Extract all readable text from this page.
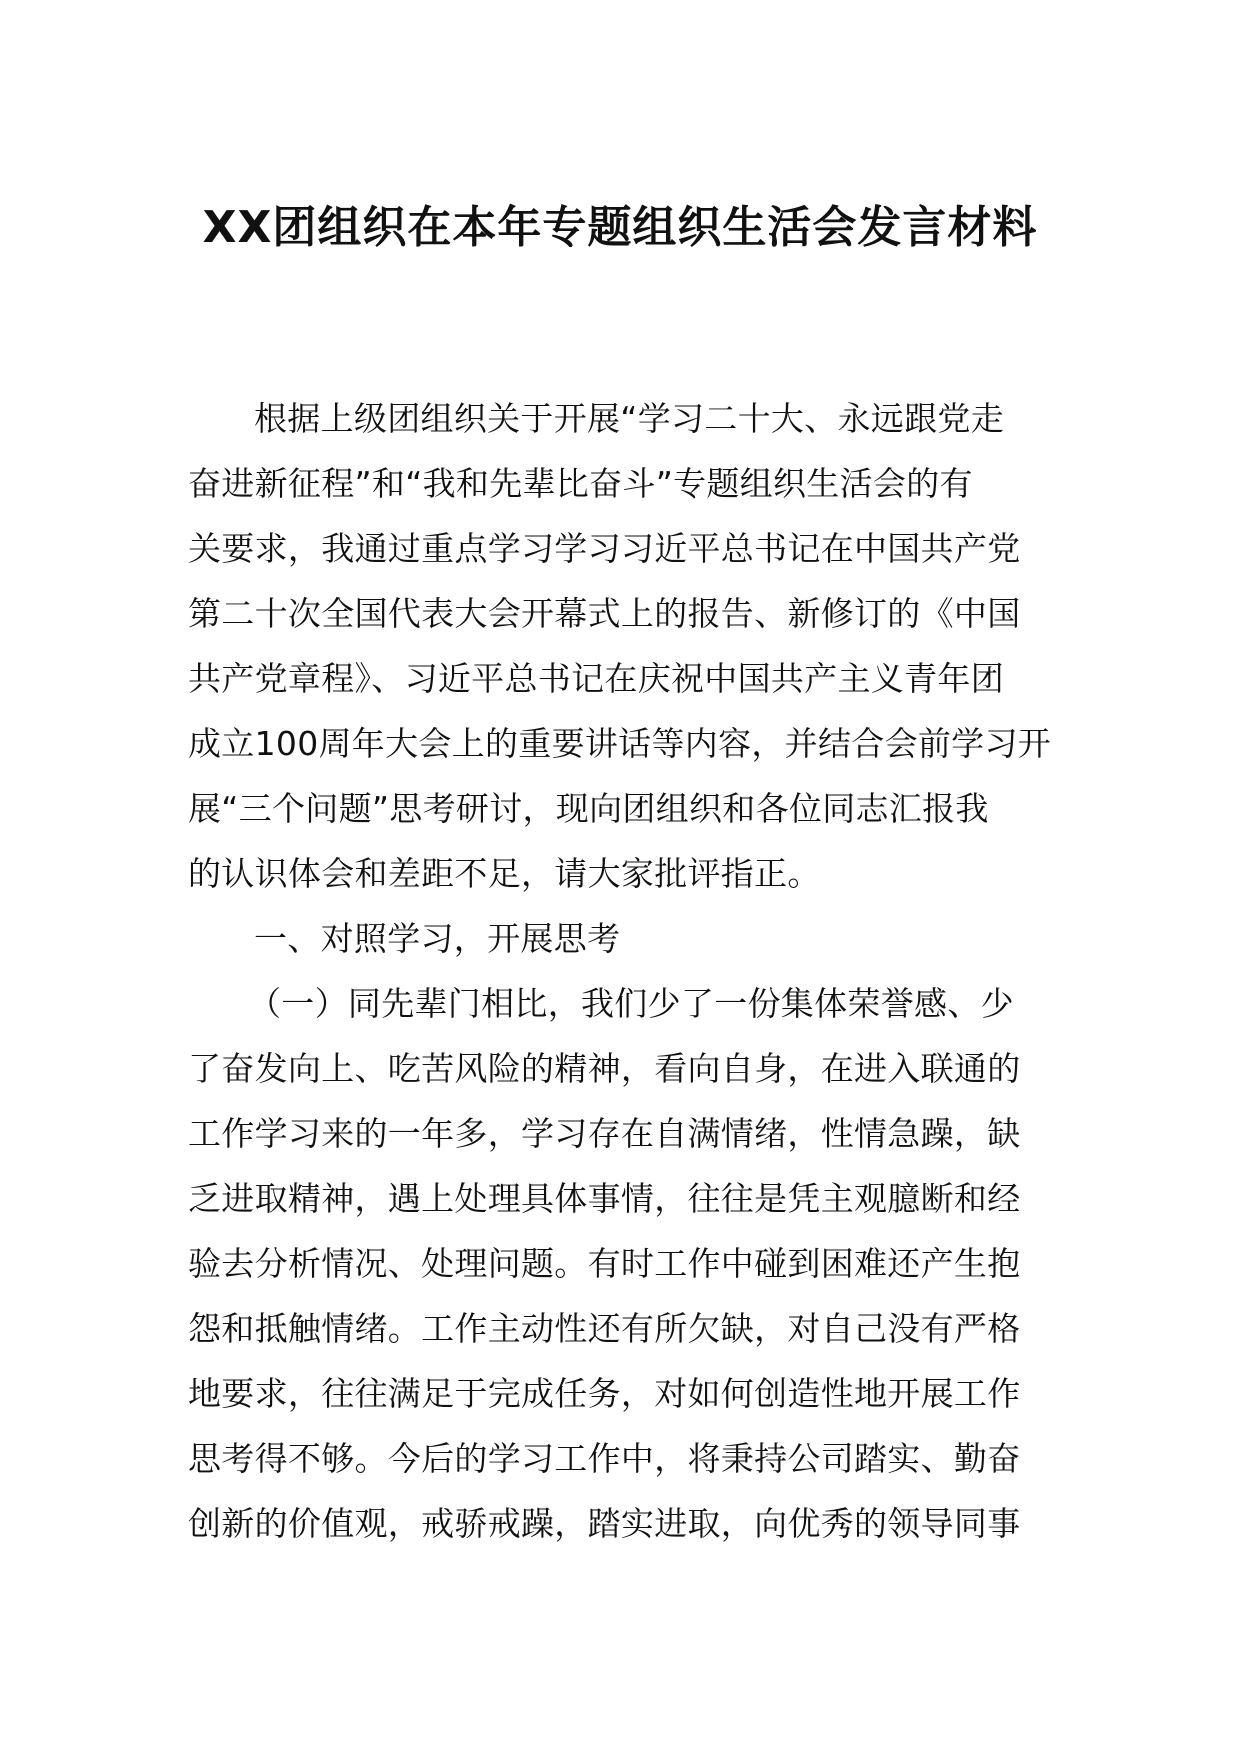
XX团组织在本年专题组织生活会发言材料
根据上级团组织关于开展“学习二十大、永远跟党走
奋进新征程”和“我和先辈比奋斗”专题组织生活会的有
关要求，我通过重点学习学习习近平总书记在中国共产党
第二十次全国代表大会开幕式上的报告、新修订的《中国
共产党章程》、习近平总书记在庆祝中国共产主义青年团
成立100周年大会上的重要讲话等内容，并结合会前学习开
展“三个问题”思考研讨，现向团组织和各位同志汇报我
的认识体会和差距不足，请大家批评指正。
一、对照学习，开展思考
（一）同先辈门相比，我们少了一份集体荣誉感、少
了奋发向上、吃苦风险的精神，看向自身，在进入联通的
工作学习来的一年多，学习存在自满情绪，性情急躁，缺
乏进取精神，遇上处理具体事情，往往是凭主观臆断和经
验去分析情况、处理问题。有时工作中碰到困难还产生抱
怨和抵触情绪。工作主动性还有所欠缺，对自己没有严格
地要求，往往满足于完成任务，对如何创造性地开展工作
思考得不够。今后的学习工作中，将秉持公司踏实、勤奋
创新的价值观，戒骄戒躁，踏实进取，向优秀的领导同事
